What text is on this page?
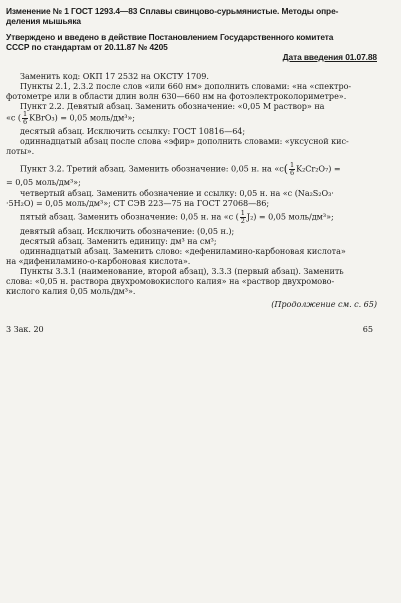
Изменение № 1 ГОСТ 1293.4—83 Сплавы свинцово-сурьмянистые. Методы опре-
деления мышьяка
Утверждено и введено в действие Постановлением Государственного комитета
СССР по стандартам от 20.11.87 № 4205
Дата введения 01.07.88
Заменить код: ОКП 17 2532 на ОКСТУ 1709.
Пункты 2.1, 2.3.2 после слов «или 660 нм» дополнить словами: «на «спектро-
фотометре или в области длин волн 630—660 нм на фотоэлектроколориметре».
Пункт 2.2. Девятый абзац. Заменить обозначение: «0,05 М раствор» на
«с ( $\frac{1}{6}$ KBrO₃) = 0,05 моль/дм³»;
десятый абзац. Исключить ссылку: ГОСТ 10816—64;
одиннадцатый абзац после слова «эфир» дополнить словами: «уксусной кис-
лоты».
Пункт 3.2. Третий абзац. Заменить обозначение: 0,05 н. на «$с( \frac{1}{6} K_2Cr_2O_7)$ =
= 0,05 моль/дм³»;
четвертый абзац. Заменить обозначение и ссылку: 0,05 н. на «с (Na₂S₂O₃·
·5H₂O) = 0,05 моль/дм³»; СТ СЭВ 223—75 на ГОСТ 27068—86;
пятый абзац. Заменить обозначение: 0,05 н. на «с ( $\frac{1}{2} J_2) = 0,05$ моль/дм³»;
девятый абзац. Исключить обозначение: (0,05 н.);
десятый абзац. Заменить единицу: дм³ на см³;
одиннадцатый абзац. Заменить слово: «дефениламино-карбоновая кислота»
на «дифениламино-о-карбоновая кислота».
Пункты 3.3.1 (наименование, второй абзац), 3.3.3 (первый абзац). Заменить
слова: «0,05 н. раствора двухромовокислого калия» на «раствор двухромово-
кислого калия 0,05 моль/дм³».
(Продолжение см. с. 65)
3 Зак. 20	65
